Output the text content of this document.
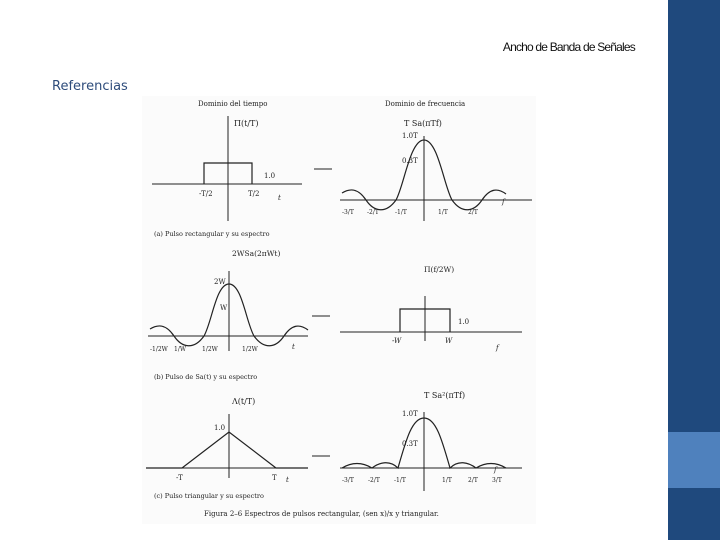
Ancho de Banda de Señales
Referencias
Dominio del tiempo	Dominio de frecuencia
Π(t/T)
1.0
-T/2	T/2	t
T Sa(πTf)
1.0T
0.3T
-3/T -2/T	-1/T	1/T	2/T
f
(a) Pulso rectangular y su espectro
2WSa(2πWt)
2W
W
-1/2W 1/W	1/2W	1/2W	t
Π(f/2W)
1.0
-W	W
f
(b) Pulso de Sa(t) y su espectro
Λ(t/T)
1.0
-T	T t
T Sa²(πTf)
1.0T
0.3T
-3/T -2/T -1/T	1/T	2/T 3/T
f
(c) Pulso triangular y su espectro
Figura 2–6 Espectros de pulsos rectangular, (sen x)/x y triangular.
